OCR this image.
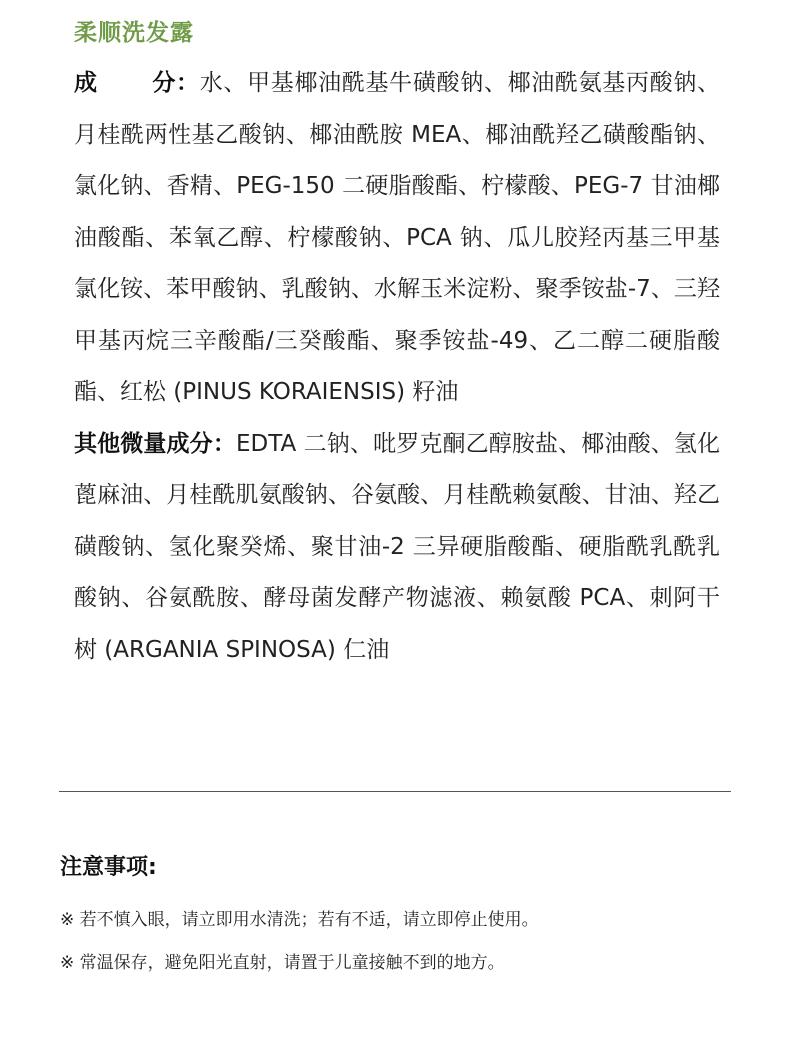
柔顺洗发露

成 分：水、甲基椰油酰基牛磺酸钠、椰油酰氨基丙酸钠、月桂酰两性基乙酸钠、椰油酰胺 MEA、椰油酰羟乙磺酸酯钠、氯化钠、香精、PEG-150 二硬脂酸酯、柠檬酸、PEG-7 甘油椰油酸酯、苯氧乙醇、柠檬酸钠、PCA 钠、瓜儿胶羟丙基三甲基氯化铵、苯甲酸钠、乳酸钠、水解玉米淀粉、聚季铵盐-7、三羟甲基丙烷三辛酸酯/三癸酸酯、聚季铵盐-49、乙二醇二硬脂酸酯、红松 (PINUS KORAIENSIS) 籽油

其他微量成分：EDTA 二钠、吡罗克酮乙醇胺盐、椰油酸、氢化蓖麻油、月桂酰肌氨酸钠、谷氨酸、月桂酰赖氨酸、甘油、羟乙磺酸钠、氢化聚癸烯、聚甘油-2 三异硬脂酸酯、硬脂酰乳酰乳酸钠、谷氨酰胺、酵母菌发酵产物滤液、赖氨酸 PCA、刺阿干树 (ARGANIA SPINOSA) 仁油

注意事项:
※ 若不慎入眼，请立即用水清洗；若有不适，请立即停止使用。
※ 常温保存，避免阳光直射，请置于儿童接触不到的地方。
